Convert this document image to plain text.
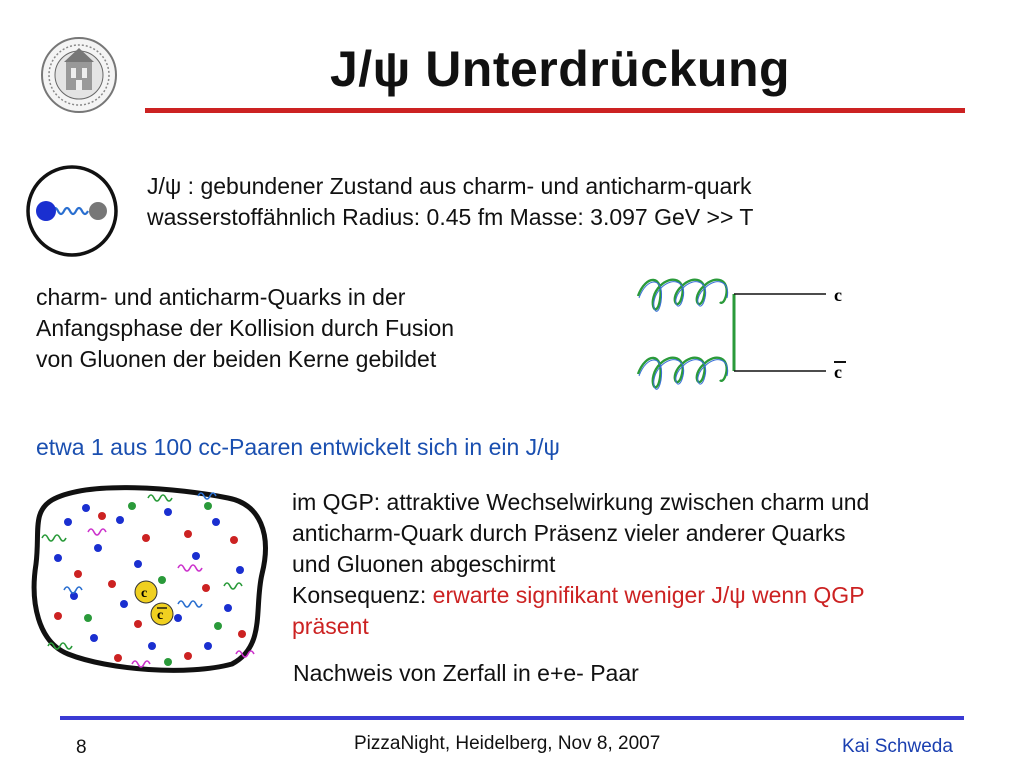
J/ψ Unterdrückung

J/ψ : gebundener Zustand aus charm- und anticharm-quark

wasserstoffähnlich Radius: 0.45 fm Masse: 3.097 GeV >> T

charm- und anticharm-Quarks in der

Anfangsphase der Kollision durch Fusion

von Gluonen der beiden Kerne gebildet

c
c

etwa 1 aus 100 cc-Paaren entwickelt sich in ein J/ψ

c
c

im QGP: attraktive Wechselwirkung zwischen charm und

anticharm-Quark durch Präsenz vieler anderer Quarks

und Gluonen abgeschirmt

Konsequenz: erwarte signifikant weniger J/ψ wenn QGP

präsent

Nachweis von Zerfall in e+e- Paar

8	PizzaNight, Heidelberg, Nov 8, 2007	Kai Schweda
